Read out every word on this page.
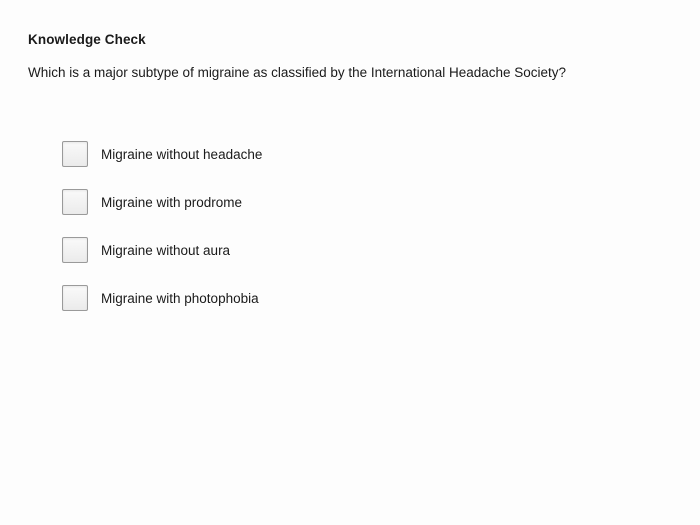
Knowledge Check
Which is a major subtype of migraine as classified by the International Headache Society?
Migraine without headache
Migraine with prodrome
Migraine without aura
Migraine with photophobia
